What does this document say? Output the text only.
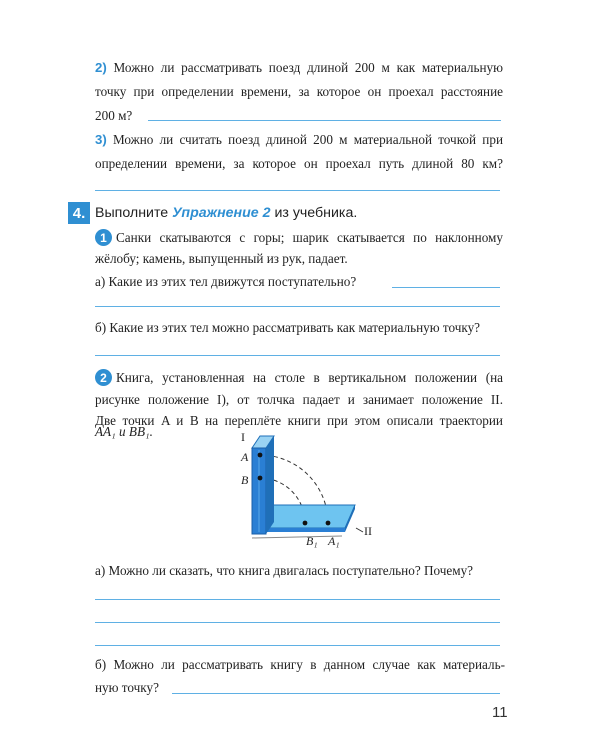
2) Можно ли рассматривать поезд длиной 200 м как материальную
точку при определении времени, за которое он проехал расстояние
200 м?
3) Можно ли считать поезд длиной 200 м материальной точкой при
определении времени, за которое он проехал путь длиной 80 км?
4. Выполните Упражнение 2 из учебника.
1 Санки скатываются с горы; шарик скатывается по наклонному
жёлобу; камень, выпущенный из рук, падает.
а) Какие из этих тел движутся поступательно?
б) Какие из этих тел можно рассматривать как материальную точку?
2 Книга, установленная на столе в вертикальном положении (на
рисунке положение I), от толчка падает и занимает положение II.
Две точки A и B на переплёте книги при этом описали траектории
AA₁ и BB₁.	I
A
B
II
B₁ A₁
а) Можно ли сказать, что книга двигалась поступательно? Почему?
б) Можно ли рассматривать книгу в данном случае как материаль-
ную точку?
11
